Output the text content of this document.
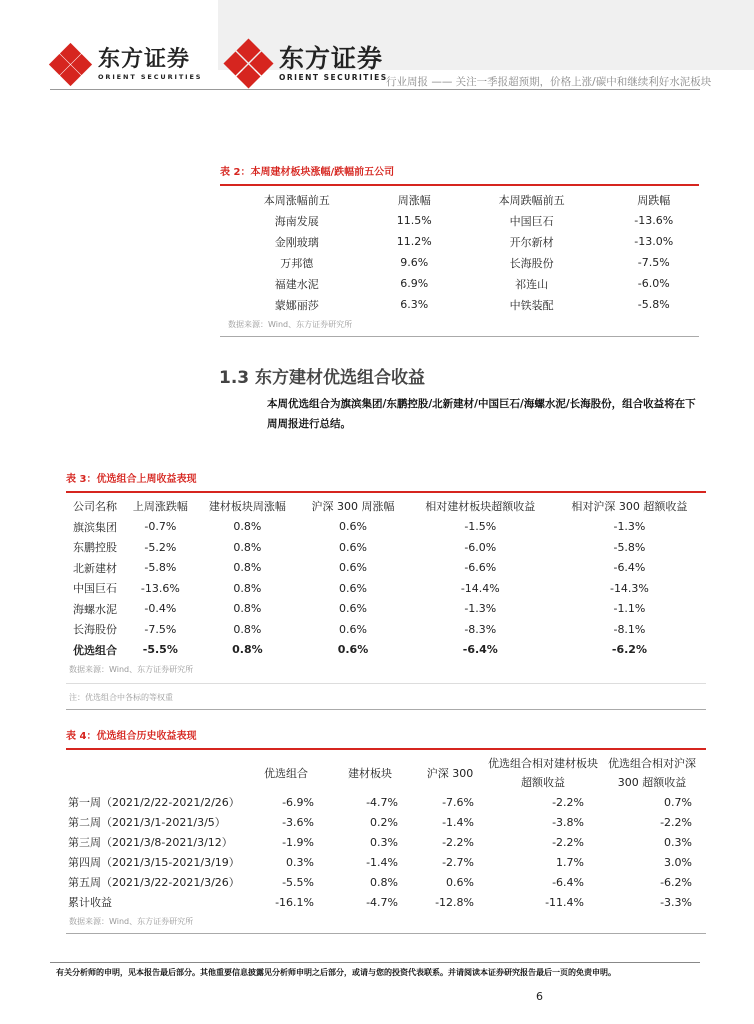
东方证券
ORIENT SECURITIES
东方证券
ORIENT SECURITIES
行业周报 —— 关注一季报超预期，价格上涨/碳中和继续利好水泥板块
表 2：本周建材板块涨幅/跌幅前五公司
本周涨幅前五	周涨幅	本周跌幅前五	周跌幅
海南发展	11.5%	中国巨石	-13.6%
金刚玻璃	11.2%	开尔新材	-13.0%
万邦德	9.6%	长海股份	-7.5%
福建水泥	6.9%	祁连山	-6.0%
蒙娜丽莎	6.3%	中铁装配	-5.8%
数据来源：Wind、东方证券研究所
1.3 东方建材优选组合收益
本周优选组合为旗滨集团/东鹏控股/北新建材/中国巨石/海螺水泥/长海股份，组合收益将在下周周报进行总结。
表 3：优选组合上周收益表现
公司名称	上周涨跌幅	建材板块周涨幅	沪深 300 周涨幅	相对建材板块超额收益	相对沪深 300 超额收益
旗滨集团	-0.7%	0.8%	0.6%	-1.5%	-1.3%
东鹏控股	-5.2%	0.8%	0.6%	-6.0%	-5.8%
北新建材	-5.8%	0.8%	0.6%	-6.6%	-6.4%
中国巨石	-13.6%	0.8%	0.6%	-14.4%	-14.3%
海螺水泥	-0.4%	0.8%	0.6%	-1.3%	-1.1%
长海股份	-7.5%	0.8%	0.6%	-8.3%	-8.1%
优选组合	-5.5%	0.8%	0.6%	-6.4%	-6.2%
数据来源：Wind、东方证券研究所
注：优选组合中各标的等权重
表 4：优选组合历史收益表现
	优选组合	建材板块	沪深 300	优选组合相对建材板块超额收益	优选组合相对沪深 300 超额收益
第一周（2021/2/22-2021/2/26）	-6.9%	-4.7%	-7.6%	-2.2%	0.7%
第二周（2021/3/1-2021/3/5）	-3.6%	0.2%	-1.4%	-3.8%	-2.2%
第三周（2021/3/8-2021/3/12）	-1.9%	0.3%	-2.2%	-2.2%	0.3%
第四周（2021/3/15-2021/3/19）	0.3%	-1.4%	-2.7%	1.7%	3.0%
第五周（2021/3/22-2021/3/26）	-5.5%	0.8%	0.6%	-6.4%	-6.2%
累计收益	-16.1%	-4.7%	-12.8%	-11.4%	-3.3%
数据来源：Wind、东方证券研究所
有关分析师的申明，见本报告最后部分。其他重要信息披露见分析师申明之后部分，或请与您的投资代表联系。并请阅读本证券研究报告最后一页的免责申明。
6
